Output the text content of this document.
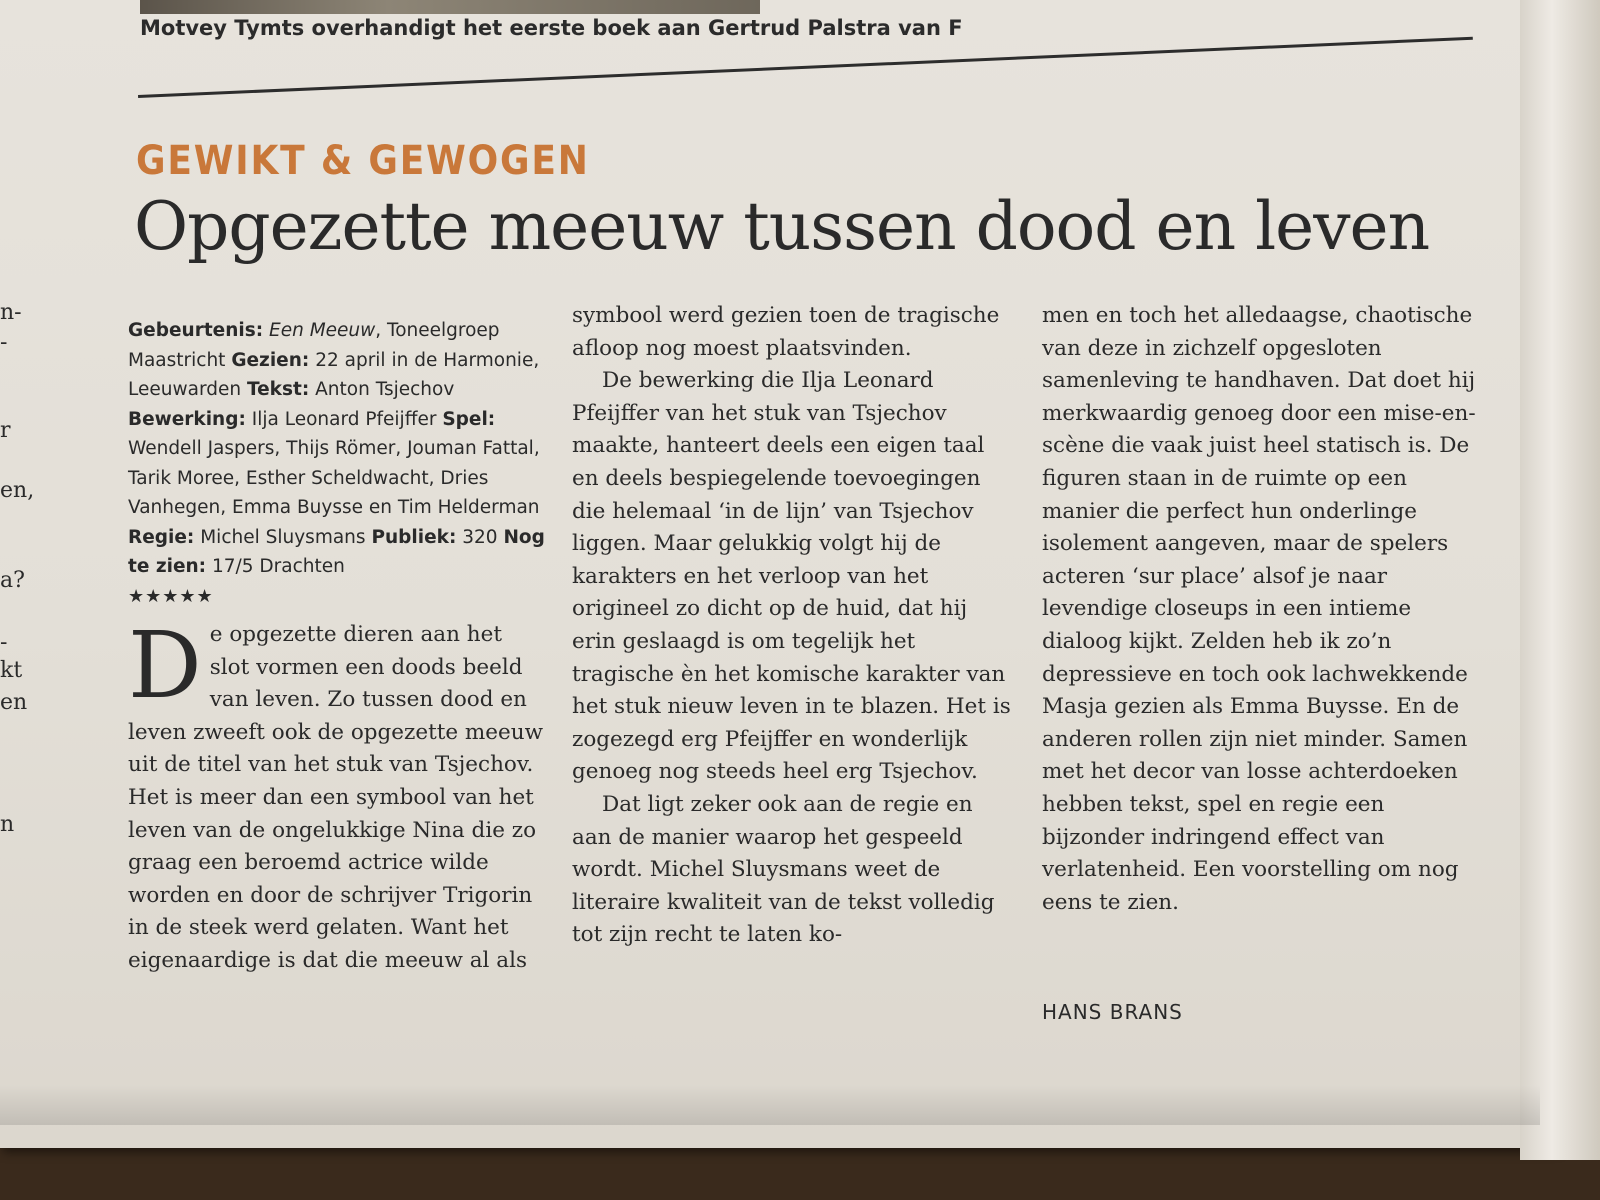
Motvey Tymts overhandigt het eerste boek aan Gertrud Palstra van F
n-
-
r
en,
a?
-
kt
en
n
GEWIKT & GEWOGEN
Opgezette meeuw tussen dood en leven
Gebeurtenis: Een Meeuw, Toneelgroep Maastricht Gezien: 22 april in de Harmonie, Leeuwarden Tekst: Anton Tsjechov Bewerking: Ilja Leonard Pfeijffer Spel: Wendell Jaspers, Thijs Römer, Jouman Fattal, Tarik Moree, Esther Scheldwacht, Dries Vanhegen, Emma Buysse en Tim Helderman Regie: Michel Sluysmans Publiek: 320 Nog te zien: 17/5 Drachten
★★★★★
De opgezette dieren aan het slot vormen een doods beeld van leven. Zo tussen dood en leven zweeft ook de opgezette meeuw uit de titel van het stuk van Tsjechov. Het is meer dan een symbool van het leven van de ongelukkige Nina die zo graag een beroemd actrice wilde worden en door de schrijver Trigorin in de steek werd gelaten. Want het eigenaardige is dat die meeuw al als
symbool werd gezien toen de tragische afloop nog moest plaatsvinden.
De bewerking die Ilja Leonard Pfeijffer van het stuk van Tsjechov maakte, hanteert deels een eigen taal en deels bespiegelende toevoegingen die helemaal ‘in de lijn’ van Tsjechov liggen. Maar gelukkig volgt hij de karakters en het verloop van het origineel zo dicht op de huid, dat hij erin geslaagd is om tegelijk het tragische èn het komische karakter van het stuk nieuw leven in te blazen. Het is zogezegd erg Pfeijffer en wonderlijk genoeg nog steeds heel erg Tsjechov.
Dat ligt zeker ook aan de regie en aan de manier waarop het gespeeld wordt. Michel Sluysmans weet de literaire kwaliteit van de tekst volledig tot zijn recht te laten ko-
men en toch het alledaagse, chaotische van deze in zichzelf opgesloten samenleving te handhaven. Dat doet hij merkwaardig genoeg door een mise-en-scène die vaak juist heel statisch is. De figuren staan in de ruimte op een manier die perfect hun onderlinge isolement aangeven, maar de spelers acteren ‘sur place’ alsof je naar levendige closeups in een intieme dialoog kijkt. Zelden heb ik zo’n depressieve en toch ook lachwekkende Masja gezien als Emma Buysse. En de anderen rollen zijn niet minder. Samen met het decor van losse achterdoeken hebben tekst, spel en regie een bijzonder indringend effect van verlatenheid. Een voorstelling om nog eens te zien.
HANS BRANS
